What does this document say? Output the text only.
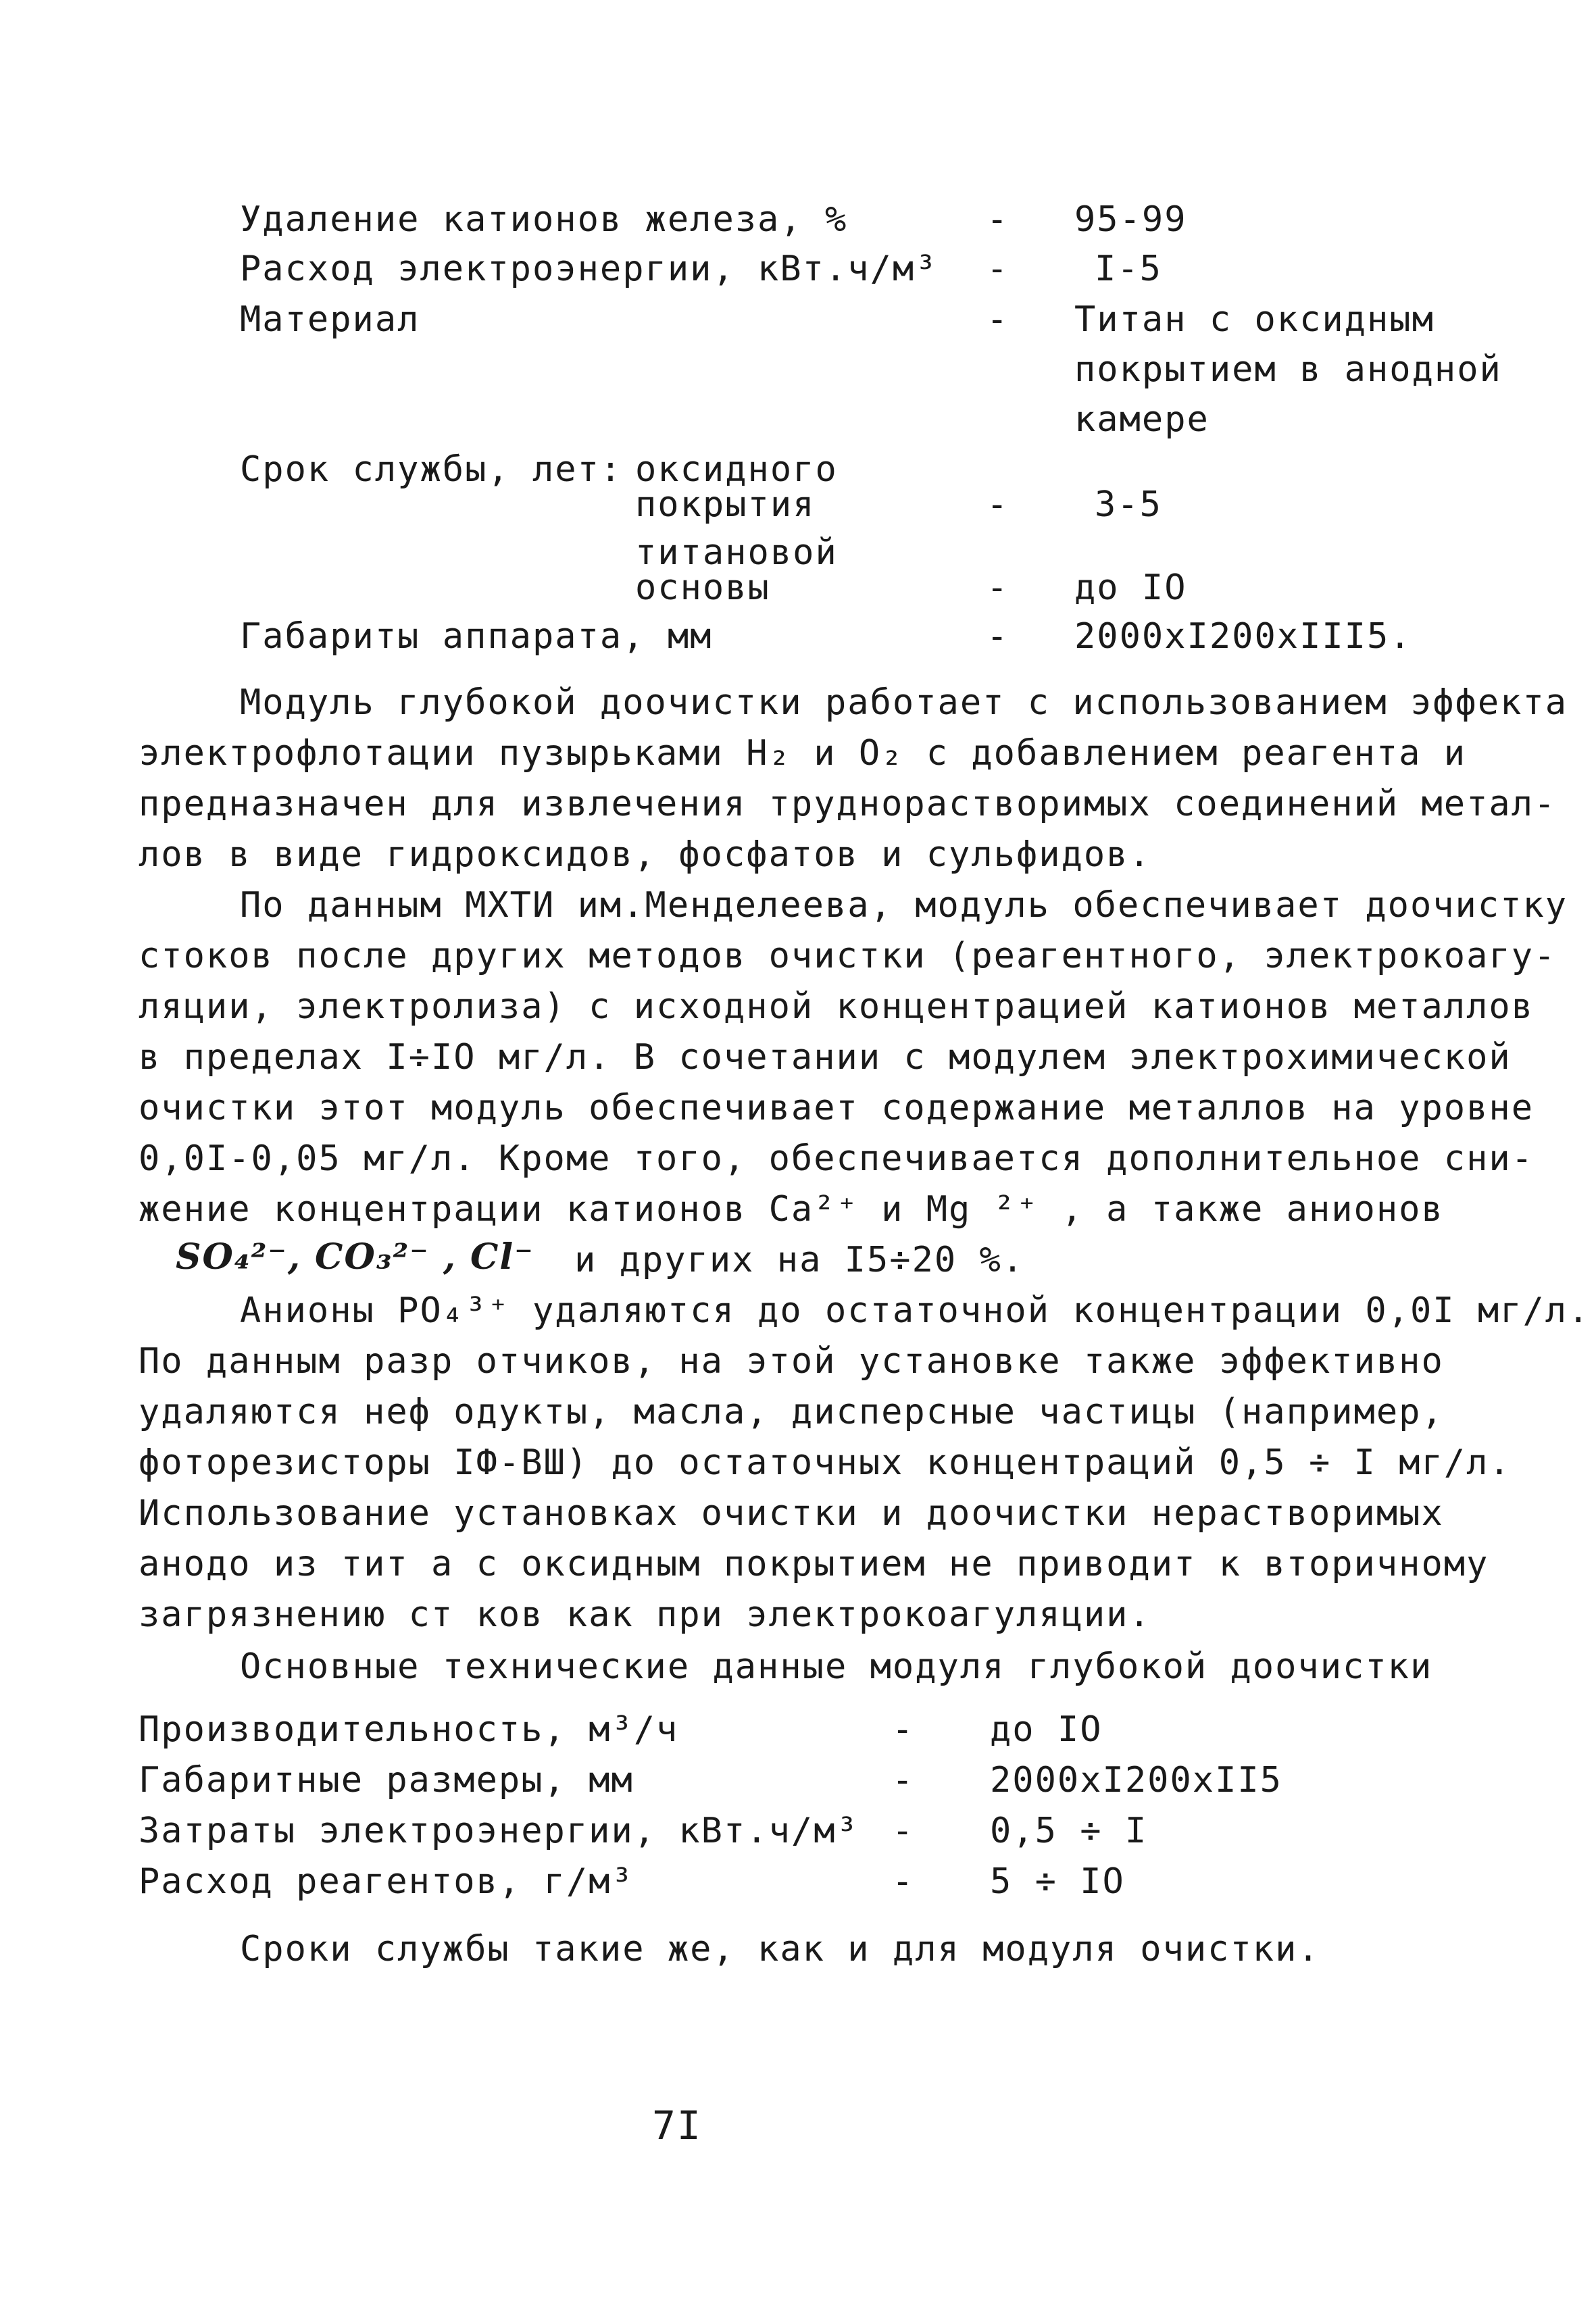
Удаление катионов железа, %	- 95-99
Расход электроэнергии, кВт.ч/м³ - I-5
Материал	- Титан с оксидным
покрытием в анодной
камере
Срок службы, лет: оксидного
покрытия	- 3-5
титановой
основы	- до IO
Габариты аппарата, мм	- 2000xI200xIII5.
Модуль глубокой доочистки работает с использованием эффекта
электрофлотации пузырьками H₂ и O₂ с добавлением реагента и
предназначен для извлечения труднорастворимых соединений метал-
лов в виде гидроксидов, фосфатов и сульфидов.
По данным МХТИ им.Менделеева, модуль обеспечивает доочистку
стоков после других методов очистки (реагентного, электрокоагу-
ляции, электролиза) с исходной концентрацией катионов металлов
в пределах I÷IO мг/л. В сочетании с модулем электрохимической
очистки этот модуль обеспечивает содержание металлов на уровне
0,0I-0,05 мг/л. Кроме того, обеспечивается дополнительное сни-
жение концентрации катионов Ca²⁺ и Mg ²⁺ , а также анионов
SO₄²⁻, CO₃²⁻ , Cl⁻ и других на I5÷20 %.
Анионы PO₄³⁺ удаляются до остаточной концентрации 0,0I мг/л.
По данным разр отчиков, на этой установке также эффективно
удаляются неф одукты, масла, дисперсные частицы (например,
фоторезисторы ІФ-ВШ) до остаточных концентраций 0,5 ÷ I мг/л.
Использование установках очистки и доочистки нерастворимых
анодо из тит а с оксидным покрытием не приводит к вторичному
загрязнению ст ков как при электрокоагуляции.
Основные технические данные модуля глубокой доочистки
Производительность, м³/ч	- до IO
Габаритные размеры, мм	- 2000xI200xII5
Затраты электроэнергии, кВт.ч/м³ - 0,5 ÷ I
Расход реагентов, г/м³	- 5 ÷ IO
Сроки службы такие же, как и для модуля очистки.
7I
